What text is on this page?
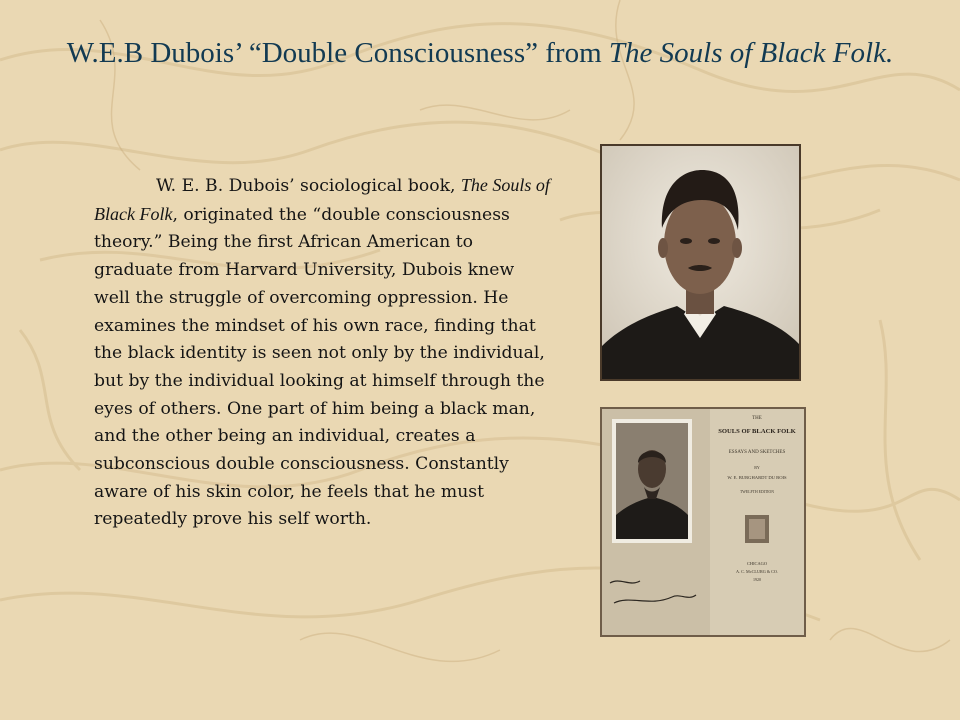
W.E.B Dubois’ “Double Consciousness” from The Souls of Black Folk.

W. E. B. Dubois’ sociological book, The Souls of Black Folk, originated the “double consciousness theory.” Being the first African American to graduate from Harvard University, Dubois knew well the struggle of overcoming oppression. He examines the mindset of his own race, finding that the black identity is seen not only by the individual, but by the individual looking at himself through the eyes of others. One part of him being a black man, and the other being an individual, creates a subconscious double consciousness. Constantly aware of his skin color, he feels that he must repeatedly prove his self worth.

THE
SOULS OF BLACK FOLK
ESSAYS AND SKETCHES
BY
W. E. BURGHARDT DU BOIS
TWELFTH EDITION
CHICAGO
A. C. McCLURG & CO.
1920
